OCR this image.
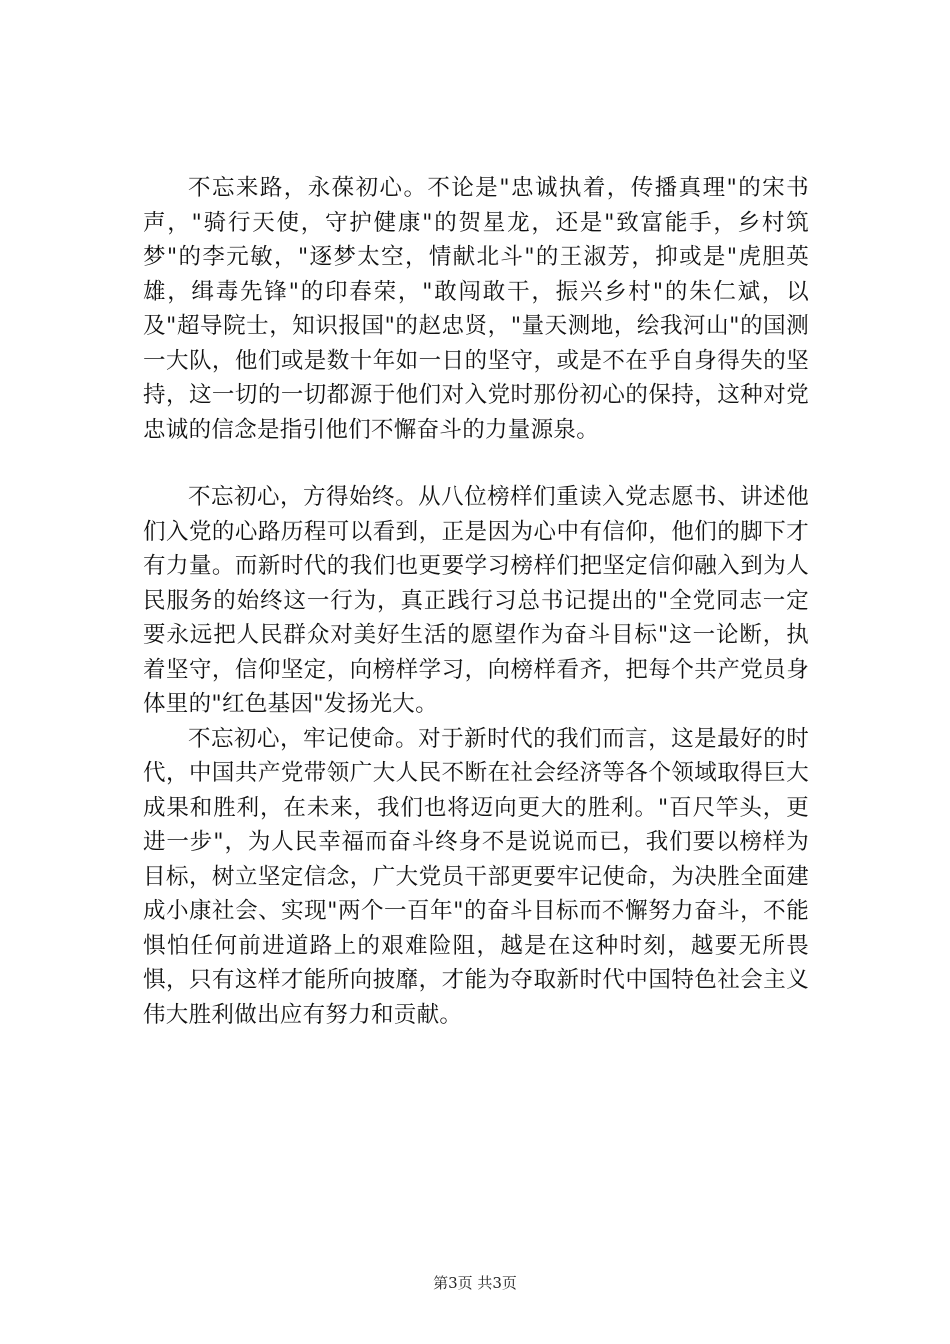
不忘来路，永葆初心。不论是"忠诚执着，传播真理"的宋书声，"骑行天使，守护健康"的贺星龙，还是"致富能手，乡村筑梦"的李元敏，"逐梦太空，情献北斗"的王淑芳，抑或是"虎胆英雄，缉毒先锋"的印春荣，"敢闯敢干，振兴乡村"的朱仁斌，以及"超导院士，知识报国"的赵忠贤，"量天测地，绘我河山"的国测一大队，他们或是数十年如一日的坚守，或是不在乎自身得失的坚持，这一切的一切都源于他们对入党时那份初心的保持，这种对党忠诚的信念是指引他们不懈奋斗的力量源泉。

不忘初心，方得始终。从八位榜样们重读入党志愿书、讲述他们入党的心路历程可以看到，正是因为心中有信仰，他们的脚下才有力量。而新时代的我们也更要学习榜样们把坚定信仰融入到为人民服务的始终这一行为，真正践行习总书记提出的"全党同志一定要永远把人民群众对美好生活的愿望作为奋斗目标"这一论断，执着坚守，信仰坚定，向榜样学习，向榜样看齐，把每个共产党员身体里的"红色基因"发扬光大。

不忘初心，牢记使命。对于新时代的我们而言，这是最好的时代，中国共产党带领广大人民不断在社会经济等各个领域取得巨大成果和胜利，在未来，我们也将迈向更大的胜利。"百尺竿头，更进一步"，为人民幸福而奋斗终身不是说说而已，我们要以榜样为目标，树立坚定信念，广大党员干部更要牢记使命，为决胜全面建成小康社会、实现"两个一百年"的奋斗目标而不懈努力奋斗，不能惧怕任何前进道路上的艰难险阻，越是在这种时刻，越要无所畏惧，只有这样才能所向披靡，才能为夺取新时代中国特色社会主义伟大胜利做出应有努力和贡献。

第3页 共3页
